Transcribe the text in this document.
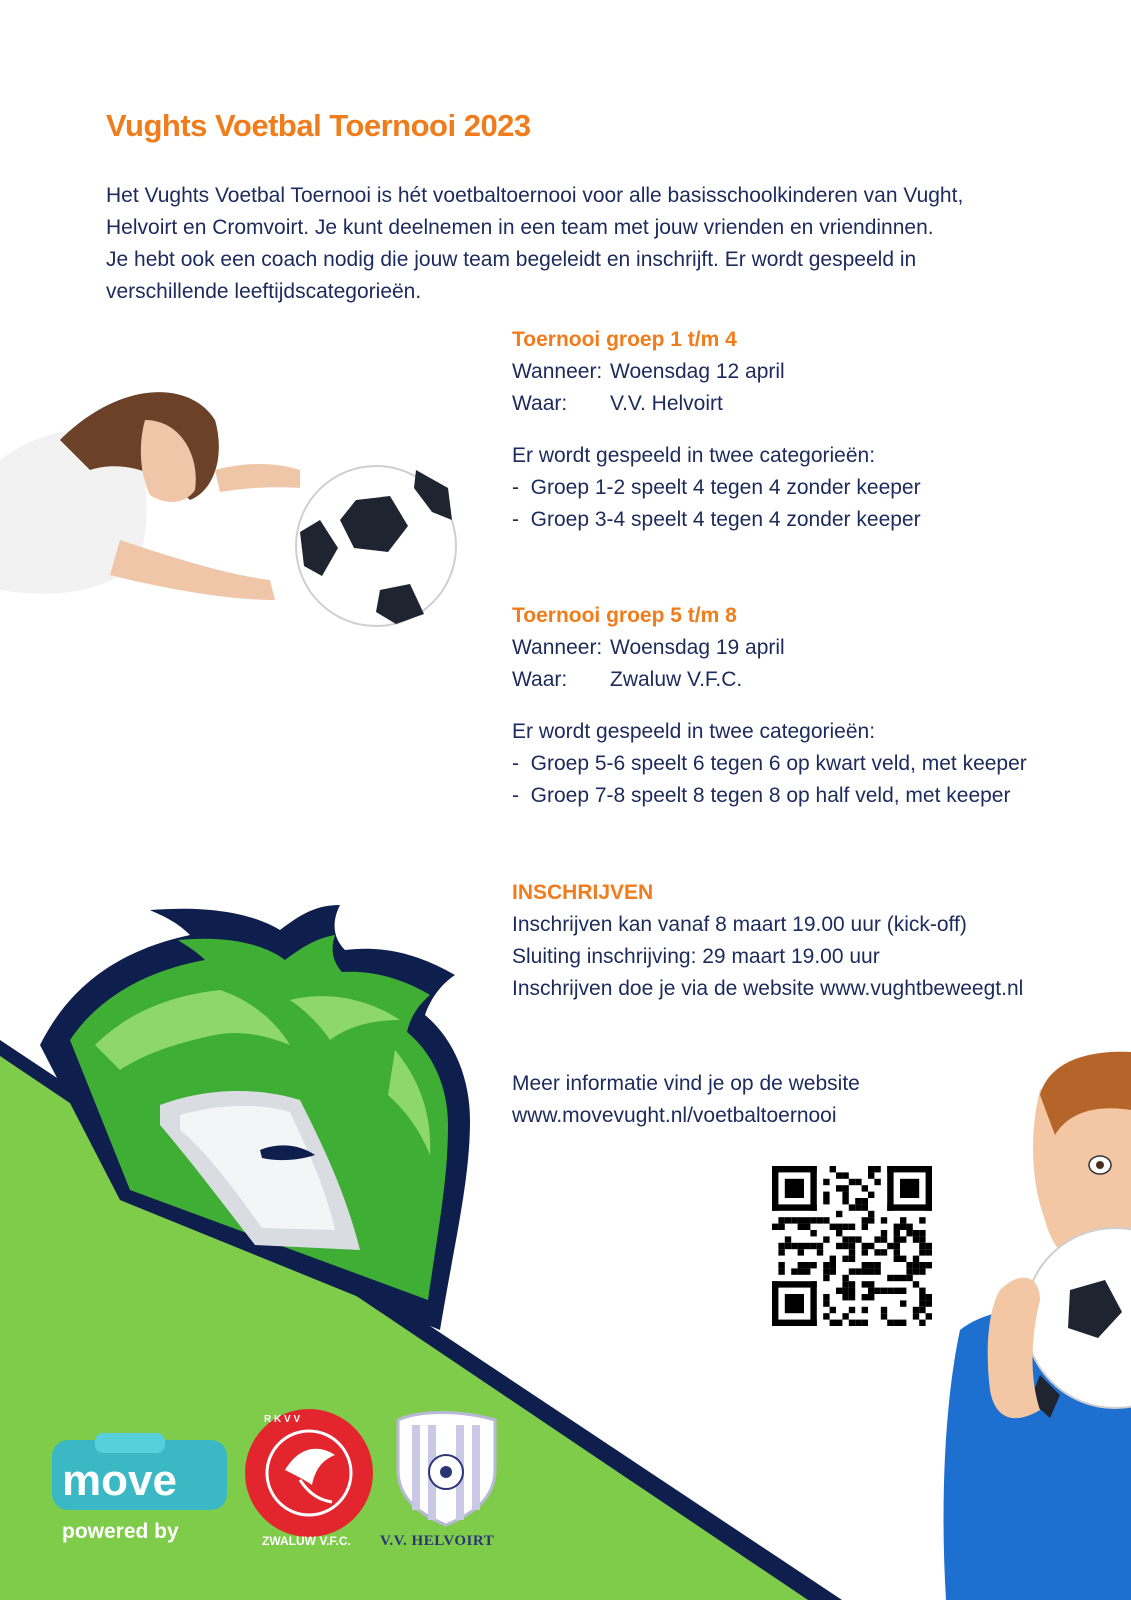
move
R K V V
ZWALUW V.F.C.
Vughts Voetbal Toernooi 2023
Het Vughts Voetbal Toernooi is hét voetbaltoernooi voor alle basisschoolkinderen van Vught,
Helvoirt en Cromvoirt. Je kunt deelnemen in een team met jouw vrienden en vriendinnen.
Je hebt ook een coach nodig die jouw team begeleidt en inschrijft. Er wordt gespeeld in
verschillende leeftijdscategorieën.
Toernooi groep 1 t/m 4
Wanneer: Woensdag 12 april
Waar:	V.V. Helvoirt
Er wordt gespeeld in twee categorieën:
- Groep 1-2 speelt 4 tegen 4 zonder keeper
- Groep 3-4 speelt 4 tegen 4 zonder keeper
Toernooi groep 5 t/m 8
Wanneer: Woensdag 19 april
Waar:	Zwaluw V.F.C.
Er wordt gespeeld in twee categorieën:
- Groep 5-6 speelt 6 tegen 6 op kwart veld, met keeper
- Groep 7-8 speelt 8 tegen 8 op half veld, met keeper
INSCHRIJVEN
Inschrijven kan vanaf 8 maart 19.00 uur (kick-off)
Sluiting inschrijving: 29 maart 19.00 uur
Inschrijven doe je via de website www.vughtbeweegt.nl
Meer informatie vind je op de website
www.movevught.nl/voetbaltoernooi
powered by	V.V. HELVOIRT
